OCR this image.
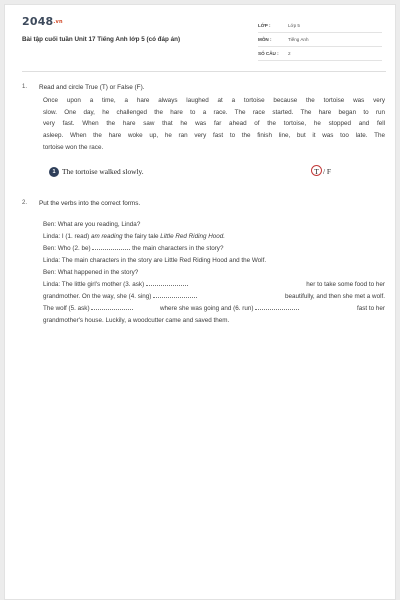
2048.vn
Bài tập cuối tuần Unit 17 Tiếng Anh lớp 5 (có đáp án)
LỚP :	Lớp 5
MÔN :	Tiếng Anh
SỐ CÂU : 2
1. Read and circle True (T) or False (F).
Once upon a time, a hare always laughed at a tortoise because the tortoise was very
slow. One day, he challenged the hare to a race. The race started. The hare began to run
very fast. When the hare saw that he was far ahead of the tortoise, he stopped and fell
asleep. When the hare woke up, he ran very fast to the finish line, but it was too late. The
tortoise won the race.
1 The tortoise walked slowly.	T / F
2. Put the verbs into the correct forms.
Ben: What are you reading, Linda?
Linda: I (1. read) am reading the fairy tale Little Red Riding Hood.
Ben: Who (2. be)	the main characters in the story?
Linda: The main characters in the story are Little Red Riding Hood and the Wolf.
Ben: What happened in the story?
Linda: The little girl's mother (3. ask)	her to take some food to her
grandmother. On the way, she (4. sing)	beautifully, and then she met a wolf.
The wolf (5. ask)	where she was going and (6. run)	fast to her
grandmother's house. Luckily, a woodcutter came and saved them.
